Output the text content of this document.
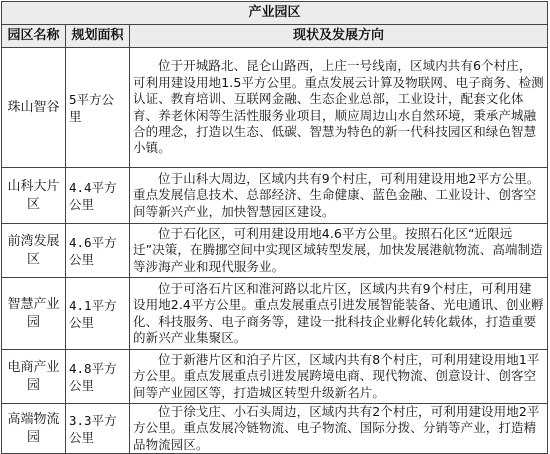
产业园区		
园区名称	规划面积	现状及发展方向
珠山智谷	5平方公里	位于开城路北、昆仑山路西，上庄一号线南，区域内共有6个村庄，可利用建设用地1.5平方公里。重点发展云计算及物联网、电子商务、检测认证、教育培训、互联网金融、生态企业总部，工业设计，配套文化体育、养老休闲等生活性服务业项目，顺应周边山水自然环境，秉承产城融合的理念，打造以生态、低碳、智慧为特色的新一代科技园区和绿色智慧小镇。
山科大片区	4.4平方公里	位于山科大周边，区域内共有9个村庄，可利用建设用地2平方公里。重点发展信息技术、总部经济、生命健康、蓝色金融、工业设计、创客空间等新兴产业，加快智慧园区建设。
前湾发展区	4.6平方公里	位于石化区，可利用建设用地4.6平方公里。按照石化区“近限远迁”决策，在腾挪空间中实现区域转型发展，加快发展港航物流、高端制造等涉海产业和现代服务业。
智慧产业园	4.1平方公里	位于可洛石片区和淮河路以北片区，区域内共有9个村庄，可利用建设用地2.4平方公里。重点发展重点引进发展智能装备、光电通讯、创业孵化、科技服务、电子商务等，建设一批科技企业孵化转化载体，打造重要的新兴产业集聚区。
电商产业园	4.8平方公里	位于新港片区和泊子片区，区域内共有8个村庄，可利用建设用地1平方公里。重点发展重点引进发展跨境电商、现代物流、创意设计、创客空间等产业园区等，打造城区转型升级新名片。
高端物流园	3.3平方公里	位于徐戈庄、小石头周边，区域内共有2个村庄，可利用建设用地2平方公里。重点发展冷链物流、电子物流、国际分拨、分销等产业，打造精品物流园区。
